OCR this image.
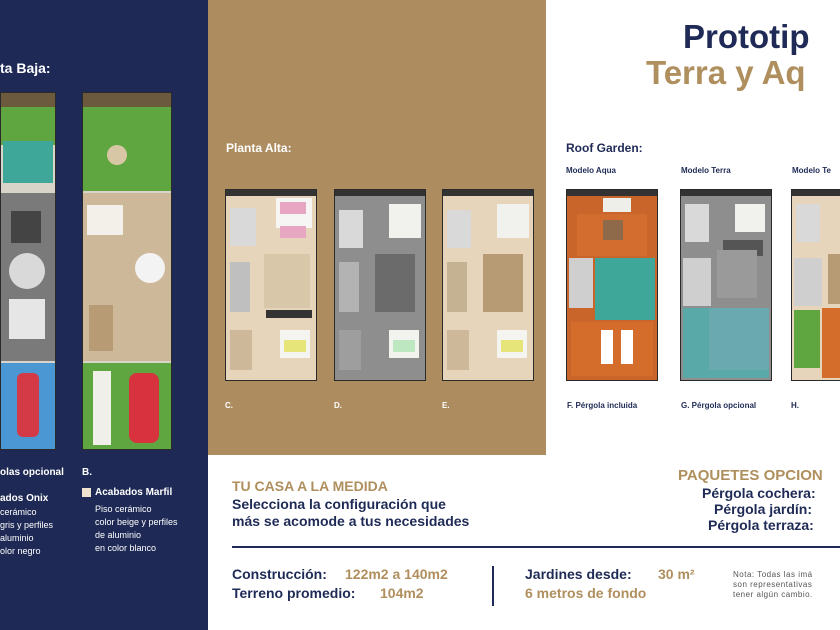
ta Baja:
olas opcional B.
ados Onix
cerámico
gris y perfiles
aluminio
olor negro
Acabados Marfil
Piso cerámico
color beige y perfiles
de aluminio
en color blanco
Planta Alta:
C.	D.	E.
Prototip
Terra y Aq
Roof Garden:
Modelo Aqua	Modelo Terra	Modelo Te
F. Pérgola incluida	G. Pérgola opcional	H.
TU CASA A LA MEDIDA
Selecciona la configuración que
más se acomode a tus necesidades
PAQUETES OPCION
Pérgola cochera:
Pérgola jardín:
Pérgola terraza:
Construcción: 122m2 a 140m2
Terreno promedio: 104m2
Jardines desde: 30 m²
6 metros de fondo
Nota: Todas las imá
son representativas
tener algún cambio.
